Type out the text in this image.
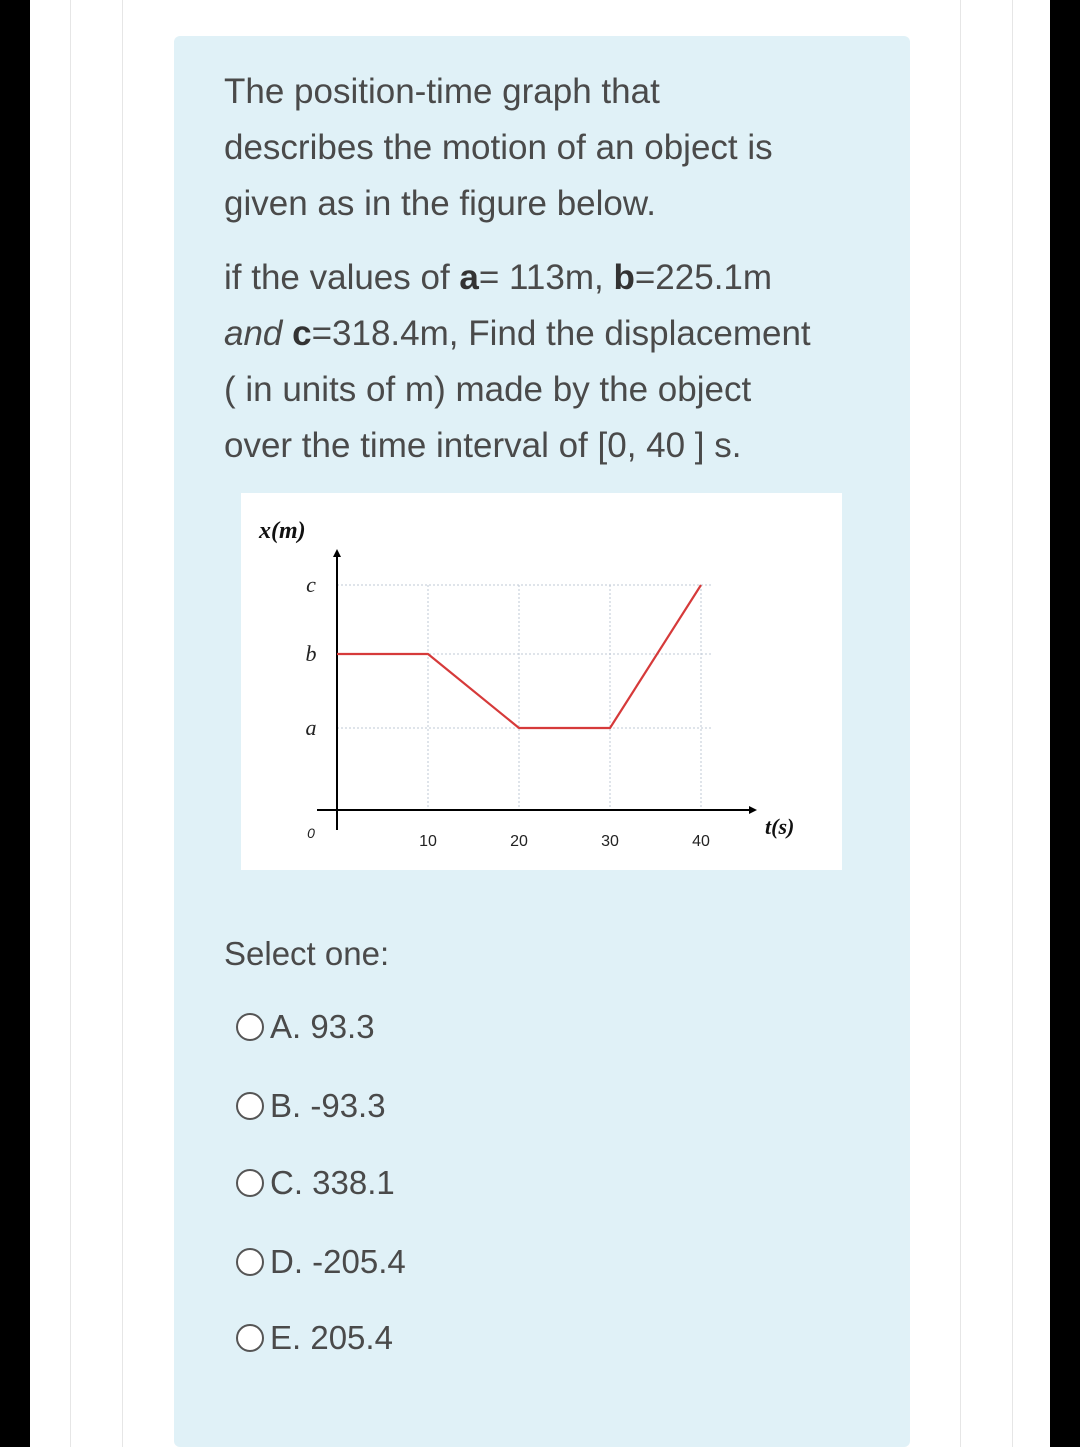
The position-time graph that
describes the motion of an object is
given as in the figure below.
if the values of a= 113m, b=225.1m
and c=318.4m, Find the displacement
( in units of m) made by the object
over the time interval of [0, 40 ] s.
10	20	30	40
0
a
b
c
x(m)
t(s)
Select one:
A. 93.3
B. -93.3
C. 338.1
D. -205.4
E. 205.4
